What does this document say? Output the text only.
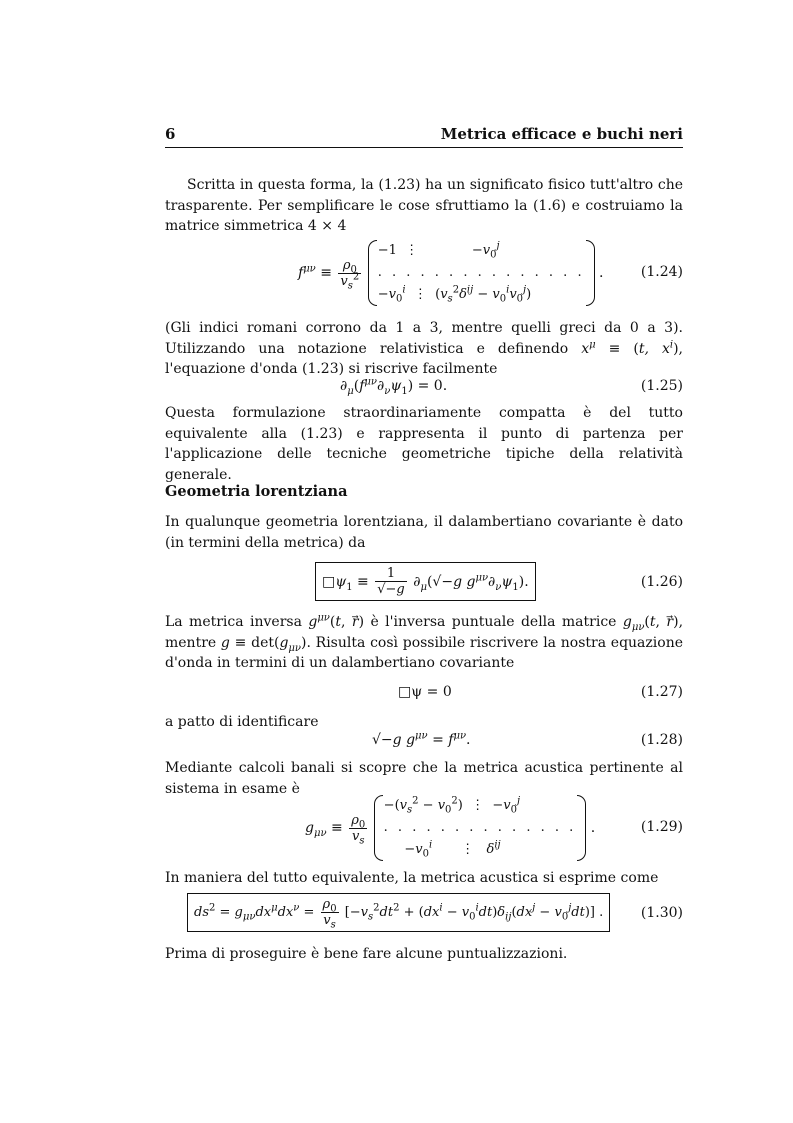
6	Metrica efficace e buchi neri
Scritta in questa forma, la (1.23) ha un significato fisico tutt'altro che trasparente. Per semplificare le cose sfruttiamo la (1.6) e costruiamo la matrice simmetrica 4 × 4
$f^{\mu\nu} \equiv \frac{\rho_0}{v_s^2}$

−1  ⋮             $-v_0^j$
. . . . . . . . . . . . . . .
$-v_0^i$  ⋮  $(v_s^2\delta^{ij} - v_0^iv_0^j)$
.	(1.24)
(Gli indici romani corrono da 1 a 3, mentre quelli greci da 0 a 3). Utilizzando una notazione relativistica e definendo $x^\mu \equiv (t$, $x^i$), l'equazione d'onda (1.23) si riscrive facilmente
$\partial_\mu(f^{\mu\nu}\partial_\nu\psi_1) = 0$.	(1.25)
Questa formulazione straordinariamente compatta è del tutto equivalente alla (1.23) e rappresenta il punto di partenza per l'applicazione delle tecniche geometriche tipiche della relatività generale.
Geometria lorentziana
In qualunque geometria lorentziana, il dalambertiano covariante è dato (in termini della metrica) da
$□\psi_1 \equiv \frac{1}{√-g} \partial_\mu(√-g$ $g^{\mu\nu}\partial_\nu\psi_1$).	(1.26)
La metrica inversa $g^{\mu\nu}(t$, r⃗) è l'inversa puntuale della matrice $g_{\mu\nu}(t$, r⃗), mentre $g \equiv \det(g_{\mu\nu})$. Risulta così possibile riscrivere la nostra equazione d'onda in termini di un dalambertiano covariante
□ψ = 0	(1.27)
a patto di identificare
√−g $g^{\mu\nu} = f^{\mu\nu}$.	(1.28)
Mediante calcoli banali si scopre che la metrica acustica pertinente al sistema in esame è
$g_{\mu\nu} \equiv \frac{\rho_0}{v_s}$

$-(v_s^2 - v_0^2)$  ⋮  $-v_0^j$
. . . . . . . . . . . . . .
$-v_0^i$       ⋮   $\delta^{ij}$
.	(1.29)
In maniera del tutto equivalente, la metrica acustica si esprime come
$ds^2 = g_{\mu\nu}dx^\mu dx^\nu = \frac{\rho_0}{v_s} [-v_s^2dt^2 + (dx^i - v_0^idt)\delta_{ij}(dx^j - v_0^jdt)]$ .	(1.30)
Prima di proseguire è bene fare alcune puntualizzazioni.
